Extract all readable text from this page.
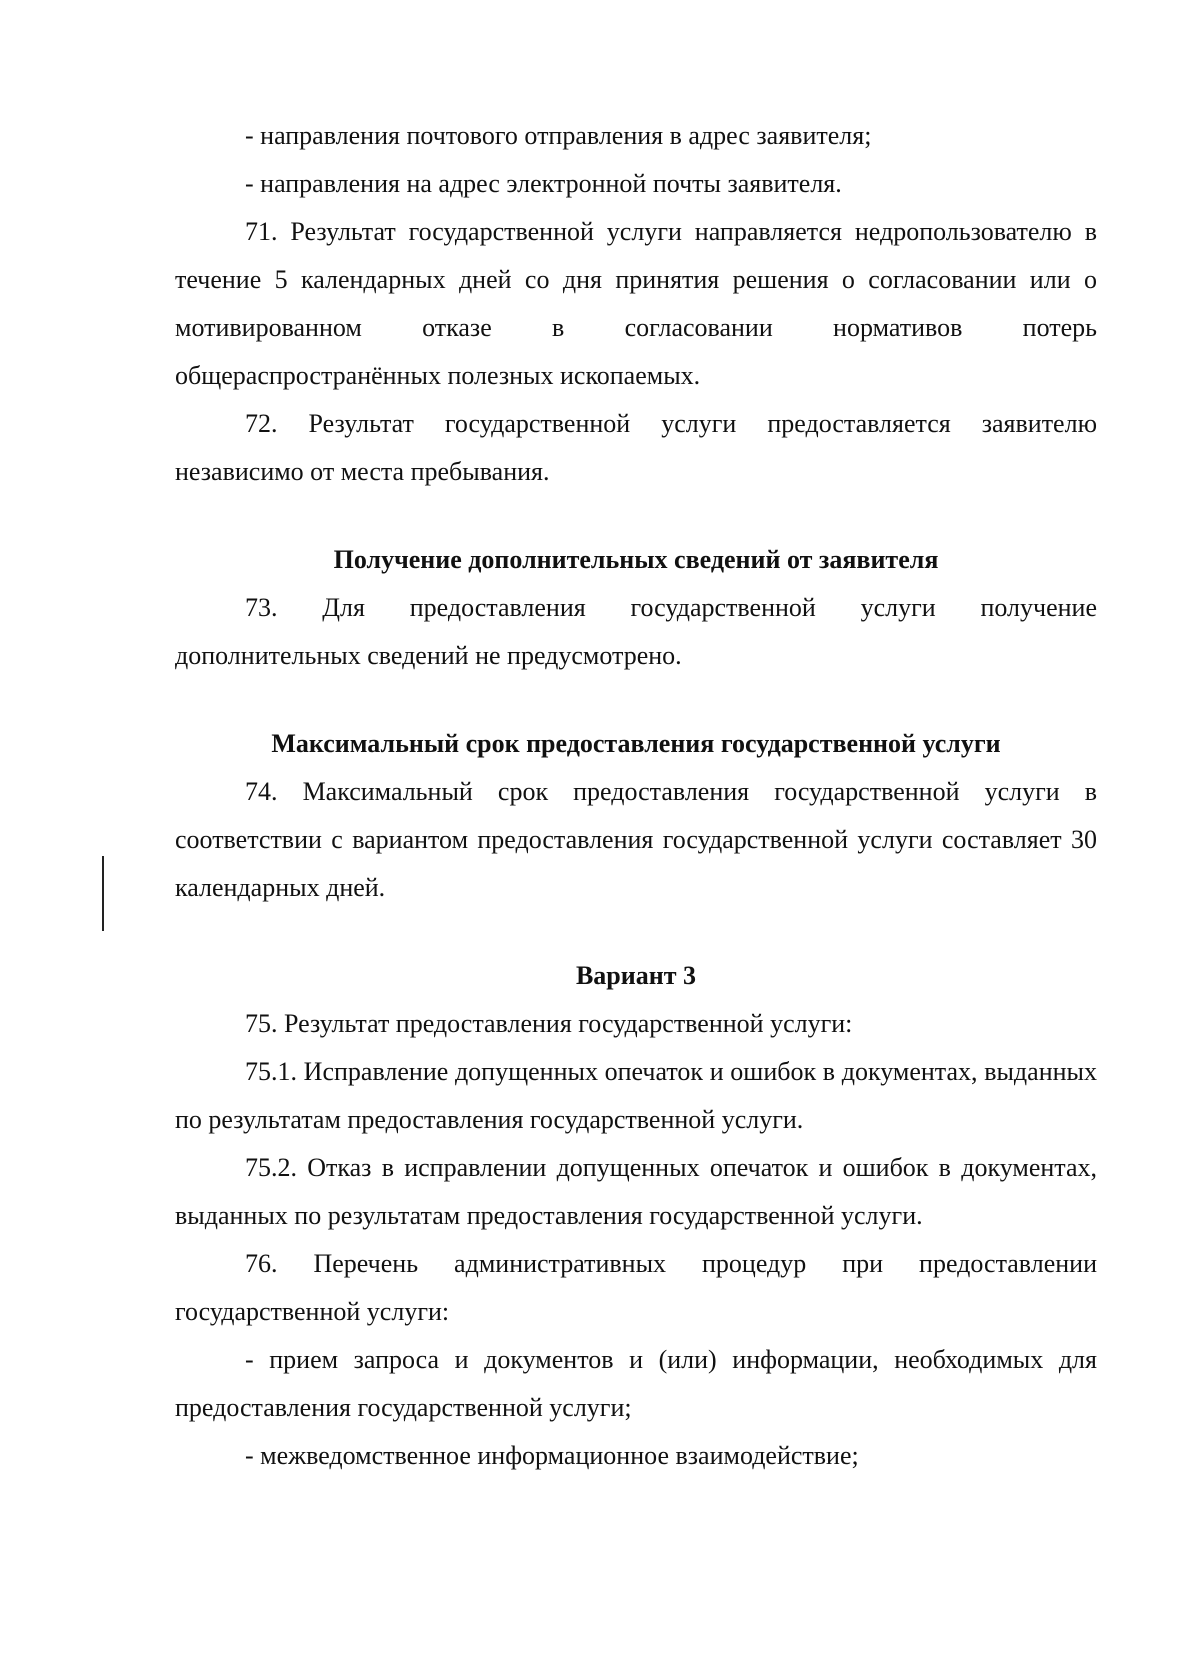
- направления почтового отправления в адрес заявителя;

- направления на адрес электронной почты заявителя.

71. Результат государственной услуги направляется недропользователю в течение 5 календарных дней со дня принятия решения о согласовании или о мотивированном отказе в согласовании нормативов потерь общераспространённых полезных ископаемых.

72. Результат государственной услуги предоставляется заявителю независимо от места пребывания.

Получение дополнительных сведений от заявителя

73. Для предоставления государственной услуги получение дополнительных сведений не предусмотрено.

Максимальный срок предоставления государственной услуги

74. Максимальный срок предоставления государственной услуги в соответствии с вариантом предоставления государственной услуги составляет 30 календарных дней.

Вариант 3

75. Результат предоставления государственной услуги:

75.1. Исправление допущенных опечаток и ошибок в документах, выданных по результатам предоставления государственной услуги.

75.2. Отказ в исправлении допущенных опечаток и ошибок в документах, выданных по результатам предоставления государственной услуги.

76. Перечень административных процедур при предоставлении государственной услуги:

- прием запроса и документов и (или) информации, необходимых для предоставления государственной услуги;

- межведомственное информационное взаимодействие;
